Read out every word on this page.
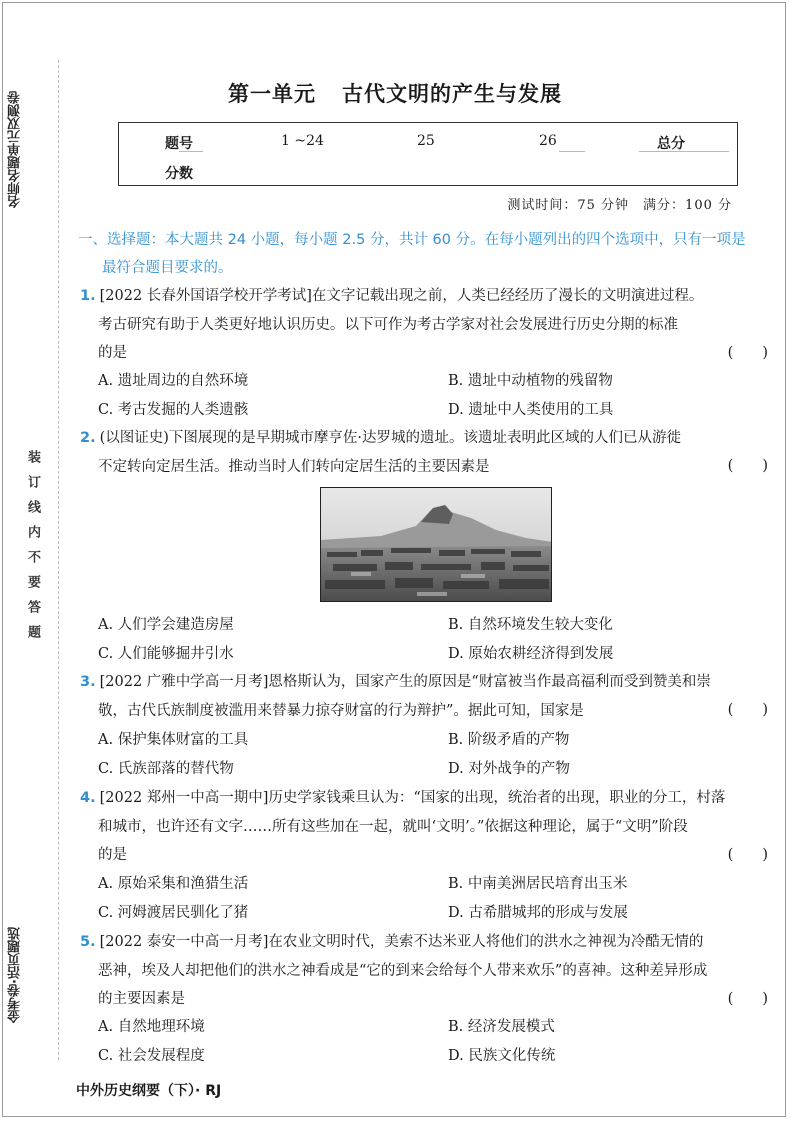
名师名题单元双测卷
装订线内不要答题
金考卷·活页题选
第一单元 古代文明的产生与发展
题号	1 ~24	25	26	总分
分数
测试时间：75 分钟　满分：100 分
一、选择题：本大题共 24 小题，每小题 2.5 分，共计 60 分。在每小题列出的四个选项中，只有一项是
最符合题目要求的。
1. [2022 长春外国语学校开学考试]在文字记载出现之前，人类已经经历了漫长的文明演进过程。
考古研究有助于人类更好地认识历史。以下可作为考古学家对社会发展进行历史分期的标准
的是	(　　)
A. 遗址周边的自然环境	B. 遗址中动植物的残留物
C. 考古发掘的人类遗骸	D. 遗址中人类使用的工具
2. (以图证史)下图展现的是早期城市摩亨佐·达罗城的遗址。该遗址表明此区域的人们已从游徙
不定转向定居生活。推动当时人们转向定居生活的主要因素是	(　　)
A. 人们学会建造房屋	B. 自然环境发生较大变化
C. 人们能够掘井引水	D. 原始农耕经济得到发展
3. [2022 广雅中学高一月考]恩格斯认为，国家产生的原因是“财富被当作最高福利而受到赞美和崇
敬，古代氏族制度被滥用来替暴力掠夺财富的行为辩护”。据此可知，国家是	(　　)
A. 保护集体财富的工具	B. 阶级矛盾的产物
C. 氏族部落的替代物	D. 对外战争的产物
4. [2022 郑州一中高一期中]历史学家钱乘旦认为：“国家的出现，统治者的出现，职业的分工，村落
和城市，也许还有文字……所有这些加在一起，就叫‘文明’。”依据这种理论，属于“文明”阶段
的是	(　　)
A. 原始采集和渔猎生活	B. 中南美洲居民培育出玉米
C. 河姆渡居民驯化了猪	D. 古希腊城邦的形成与发展
5. [2022 泰安一中高一月考]在农业文明时代，美索不达米亚人将他们的洪水之神视为冷酷无情的
恶神，埃及人却把他们的洪水之神看成是“它的到来会给每个人带来欢乐”的喜神。这种差异形成
的主要因素是	(　　)
A. 自然地理环境	B. 经济发展模式
C. 社会发展程度	D. 民族文化传统
中外历史纲要（下）· RJ
